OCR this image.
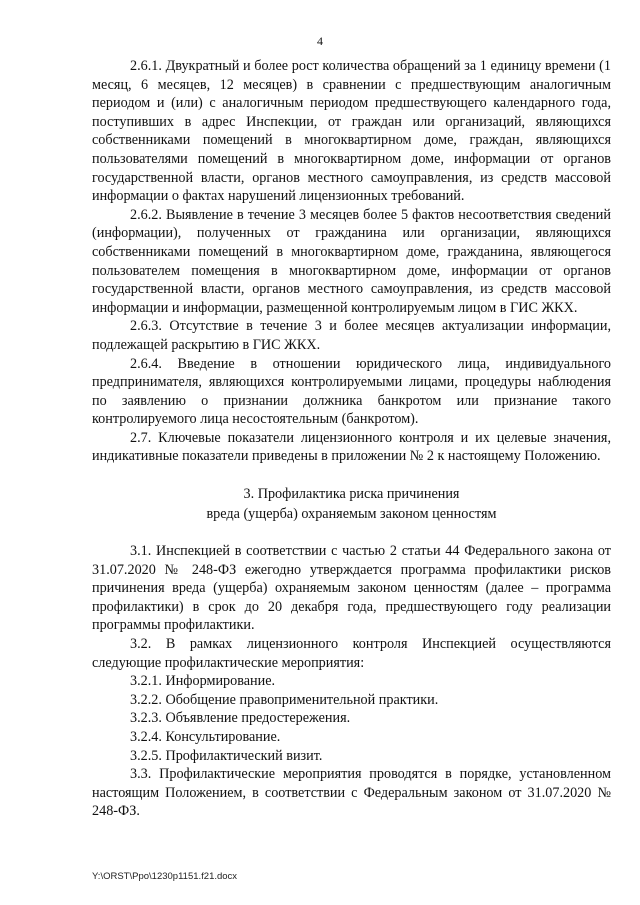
4

2.6.1. Двукратный и более рост количества обращений за 1 единицу времени (1 месяц, 6 месяцев, 12 месяцев) в сравнении с предшествующим аналогичным периодом и (или) с аналогичным периодом предшествующего календарного года, поступивших в адрес Инспекции, от граждан или организаций, являющихся собственниками помещений в многоквартирном доме, граждан, являющихся пользователями помещений в многоквартирном доме, информации от органов государственной власти, органов местного самоуправления, из средств массовой информации о фактах нарушений лицензионных требований.

2.6.2. Выявление в течение 3 месяцев более 5 фактов несоответствия сведений (информации), полученных от гражданина или организации, являющихся собственниками помещений в многоквартирном доме, гражданина, являющегося пользователем помещения в многоквартирном доме, информации от органов государственной власти, органов местного самоуправления, из средств массовой информации и информации, размещенной контролируемым лицом в ГИС ЖКХ.

2.6.3. Отсутствие в течение 3 и более месяцев актуализации информации, подлежащей раскрытию в ГИС ЖКХ.

2.6.4. Введение в отношении юридического лица, индивидуального предпринимателя, являющихся контролируемыми лицами, процедуры наблюдения по заявлению о признании должника банкротом или признание такого контролируемого лица несостоятельным (банкротом).

2.7. Ключевые показатели лицензионного контроля и их целевые значения, индикативные показатели приведены в приложении № 2 к настоящему Положению.

3. Профилактика риска причинения

вреда (ущерба) охраняемым законом ценностям

3.1. Инспекцией в соответствии с частью 2 статьи 44 Федерального закона от 31.07.2020 № 248-ФЗ ежегодно утверждается программа профилактики рисков причинения вреда (ущерба) охраняемым законом ценностям (далее – программа профилактики) в срок до 20 декабря года, предшествующего году реализации программы профилактики.

3.2. В рамках лицензионного контроля Инспекцией осуществляются следующие профилактические мероприятия:

3.2.1. Информирование.

3.2.2. Обобщение правоприменительной практики.

3.2.3. Объявление предостережения.

3.2.4. Консультирование.

3.2.5. Профилактический визит.

3.3. Профилактические мероприятия проводятся в порядке, установленном настоящим Положением, в соответствии с Федеральным законом от 31.07.2020 № 248-ФЗ.

Y:\ORST\Ppo\1230p1151.f21.docx
